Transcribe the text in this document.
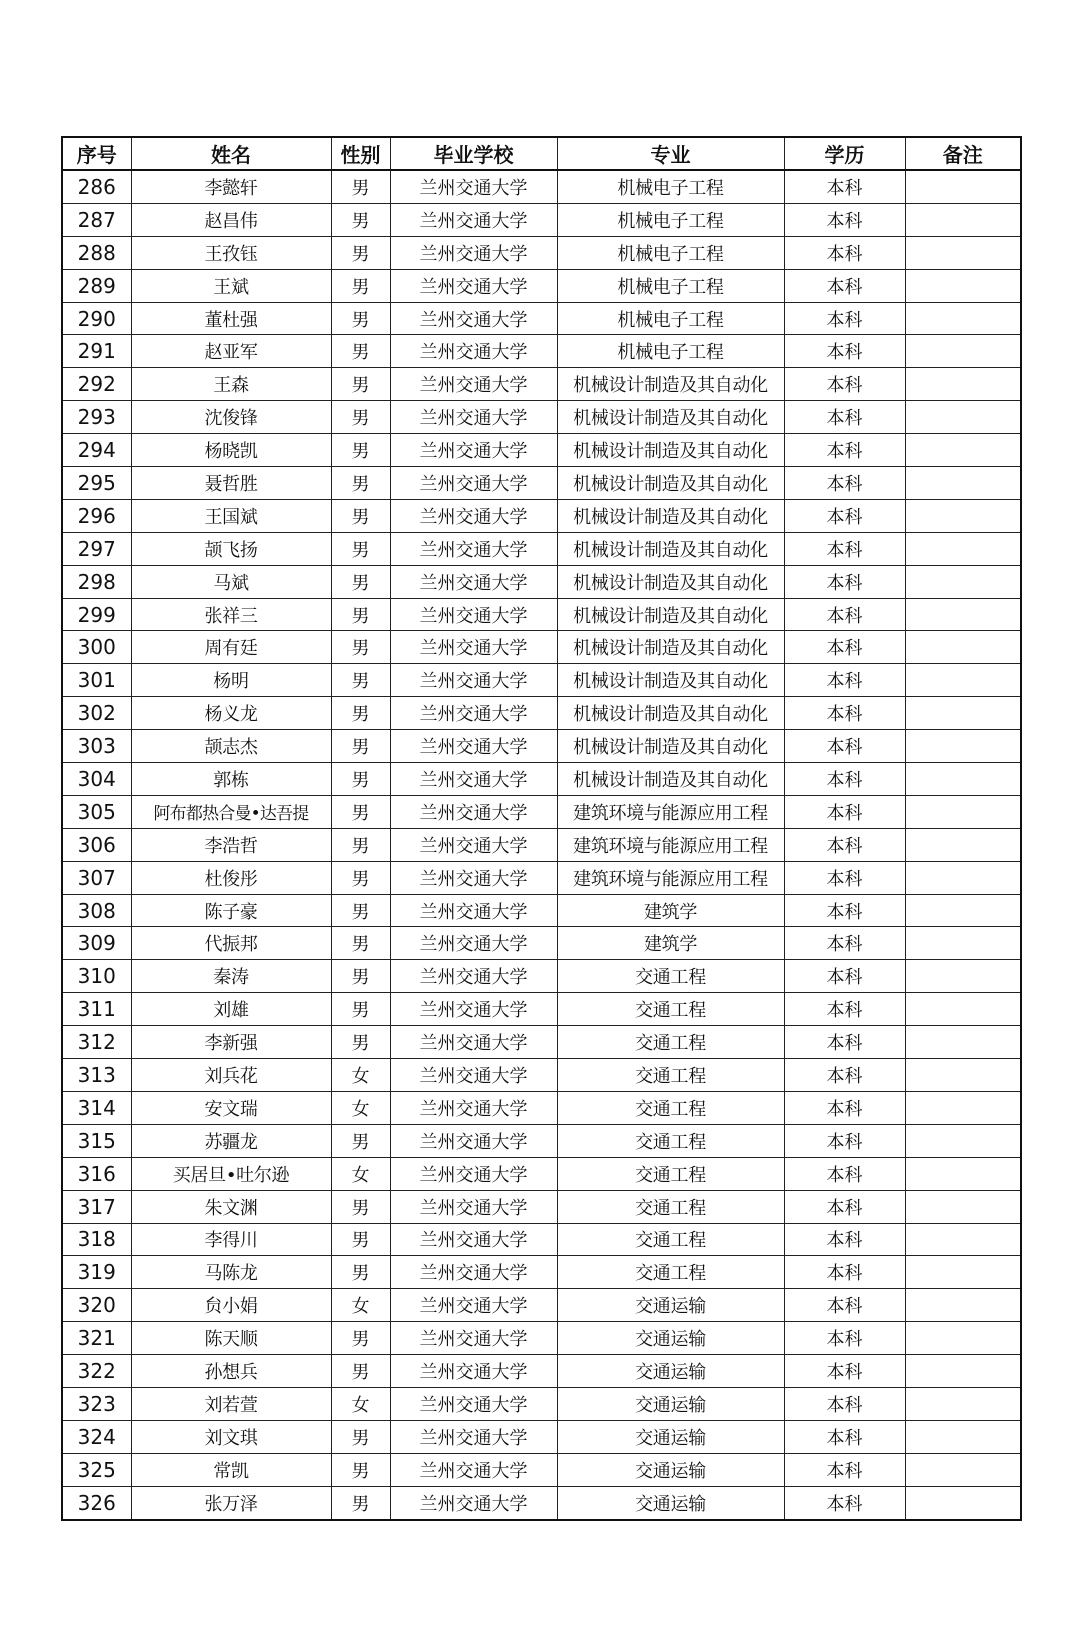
序号	姓名	性别	毕业学校	专业	学历	备注
286	李懿轩	男	兰州交通大学	机械电子工程	本科	
287	赵昌伟	男	兰州交通大学	机械电子工程	本科	
288	王孜钰	男	兰州交通大学	机械电子工程	本科	
289	王斌	男	兰州交通大学	机械电子工程	本科	
290	董杜强	男	兰州交通大学	机械电子工程	本科	
291	赵亚军	男	兰州交通大学	机械电子工程	本科	
292	王森	男	兰州交通大学	机械设计制造及其自动化	本科	
293	沈俊锋	男	兰州交通大学	机械设计制造及其自动化	本科	
294	杨晓凯	男	兰州交通大学	机械设计制造及其自动化	本科	
295	聂哲胜	男	兰州交通大学	机械设计制造及其自动化	本科	
296	王国斌	男	兰州交通大学	机械设计制造及其自动化	本科	
297	颉飞扬	男	兰州交通大学	机械设计制造及其自动化	本科	
298	马斌	男	兰州交通大学	机械设计制造及其自动化	本科	
299	张祥三	男	兰州交通大学	机械设计制造及其自动化	本科	
300	周有廷	男	兰州交通大学	机械设计制造及其自动化	本科	
301	杨明	男	兰州交通大学	机械设计制造及其自动化	本科	
302	杨义龙	男	兰州交通大学	机械设计制造及其自动化	本科	
303	颉志杰	男	兰州交通大学	机械设计制造及其自动化	本科	
304	郭栋	男	兰州交通大学	机械设计制造及其自动化	本科	
305	阿布都热合曼•达吾提	男	兰州交通大学	建筑环境与能源应用工程	本科	
306	李浩哲	男	兰州交通大学	建筑环境与能源应用工程	本科	
307	杜俊彤	男	兰州交通大学	建筑环境与能源应用工程	本科	
308	陈子豪	男	兰州交通大学	建筑学	本科	
309	代振邦	男	兰州交通大学	建筑学	本科	
310	秦涛	男	兰州交通大学	交通工程	本科	
311	刘雄	男	兰州交通大学	交通工程	本科	
312	李新强	男	兰州交通大学	交通工程	本科	
313	刘兵花	女	兰州交通大学	交通工程	本科	
314	安文瑞	女	兰州交通大学	交通工程	本科	
315	苏疆龙	男	兰州交通大学	交通工程	本科	
316	买居旦•吐尔逊	女	兰州交通大学	交通工程	本科	
317	朱文渊	男	兰州交通大学	交通工程	本科	
318	李得川	男	兰州交通大学	交通工程	本科	
319	马陈龙	男	兰州交通大学	交通工程	本科	
320	贠小娟	女	兰州交通大学	交通运输	本科	
321	陈天顺	男	兰州交通大学	交通运输	本科	
322	孙想兵	男	兰州交通大学	交通运输	本科	
323	刘若萱	女	兰州交通大学	交通运输	本科	
324	刘文琪	男	兰州交通大学	交通运输	本科	
325	常凯	男	兰州交通大学	交通运输	本科	
326	张万泽	男	兰州交通大学	交通运输	本科	
